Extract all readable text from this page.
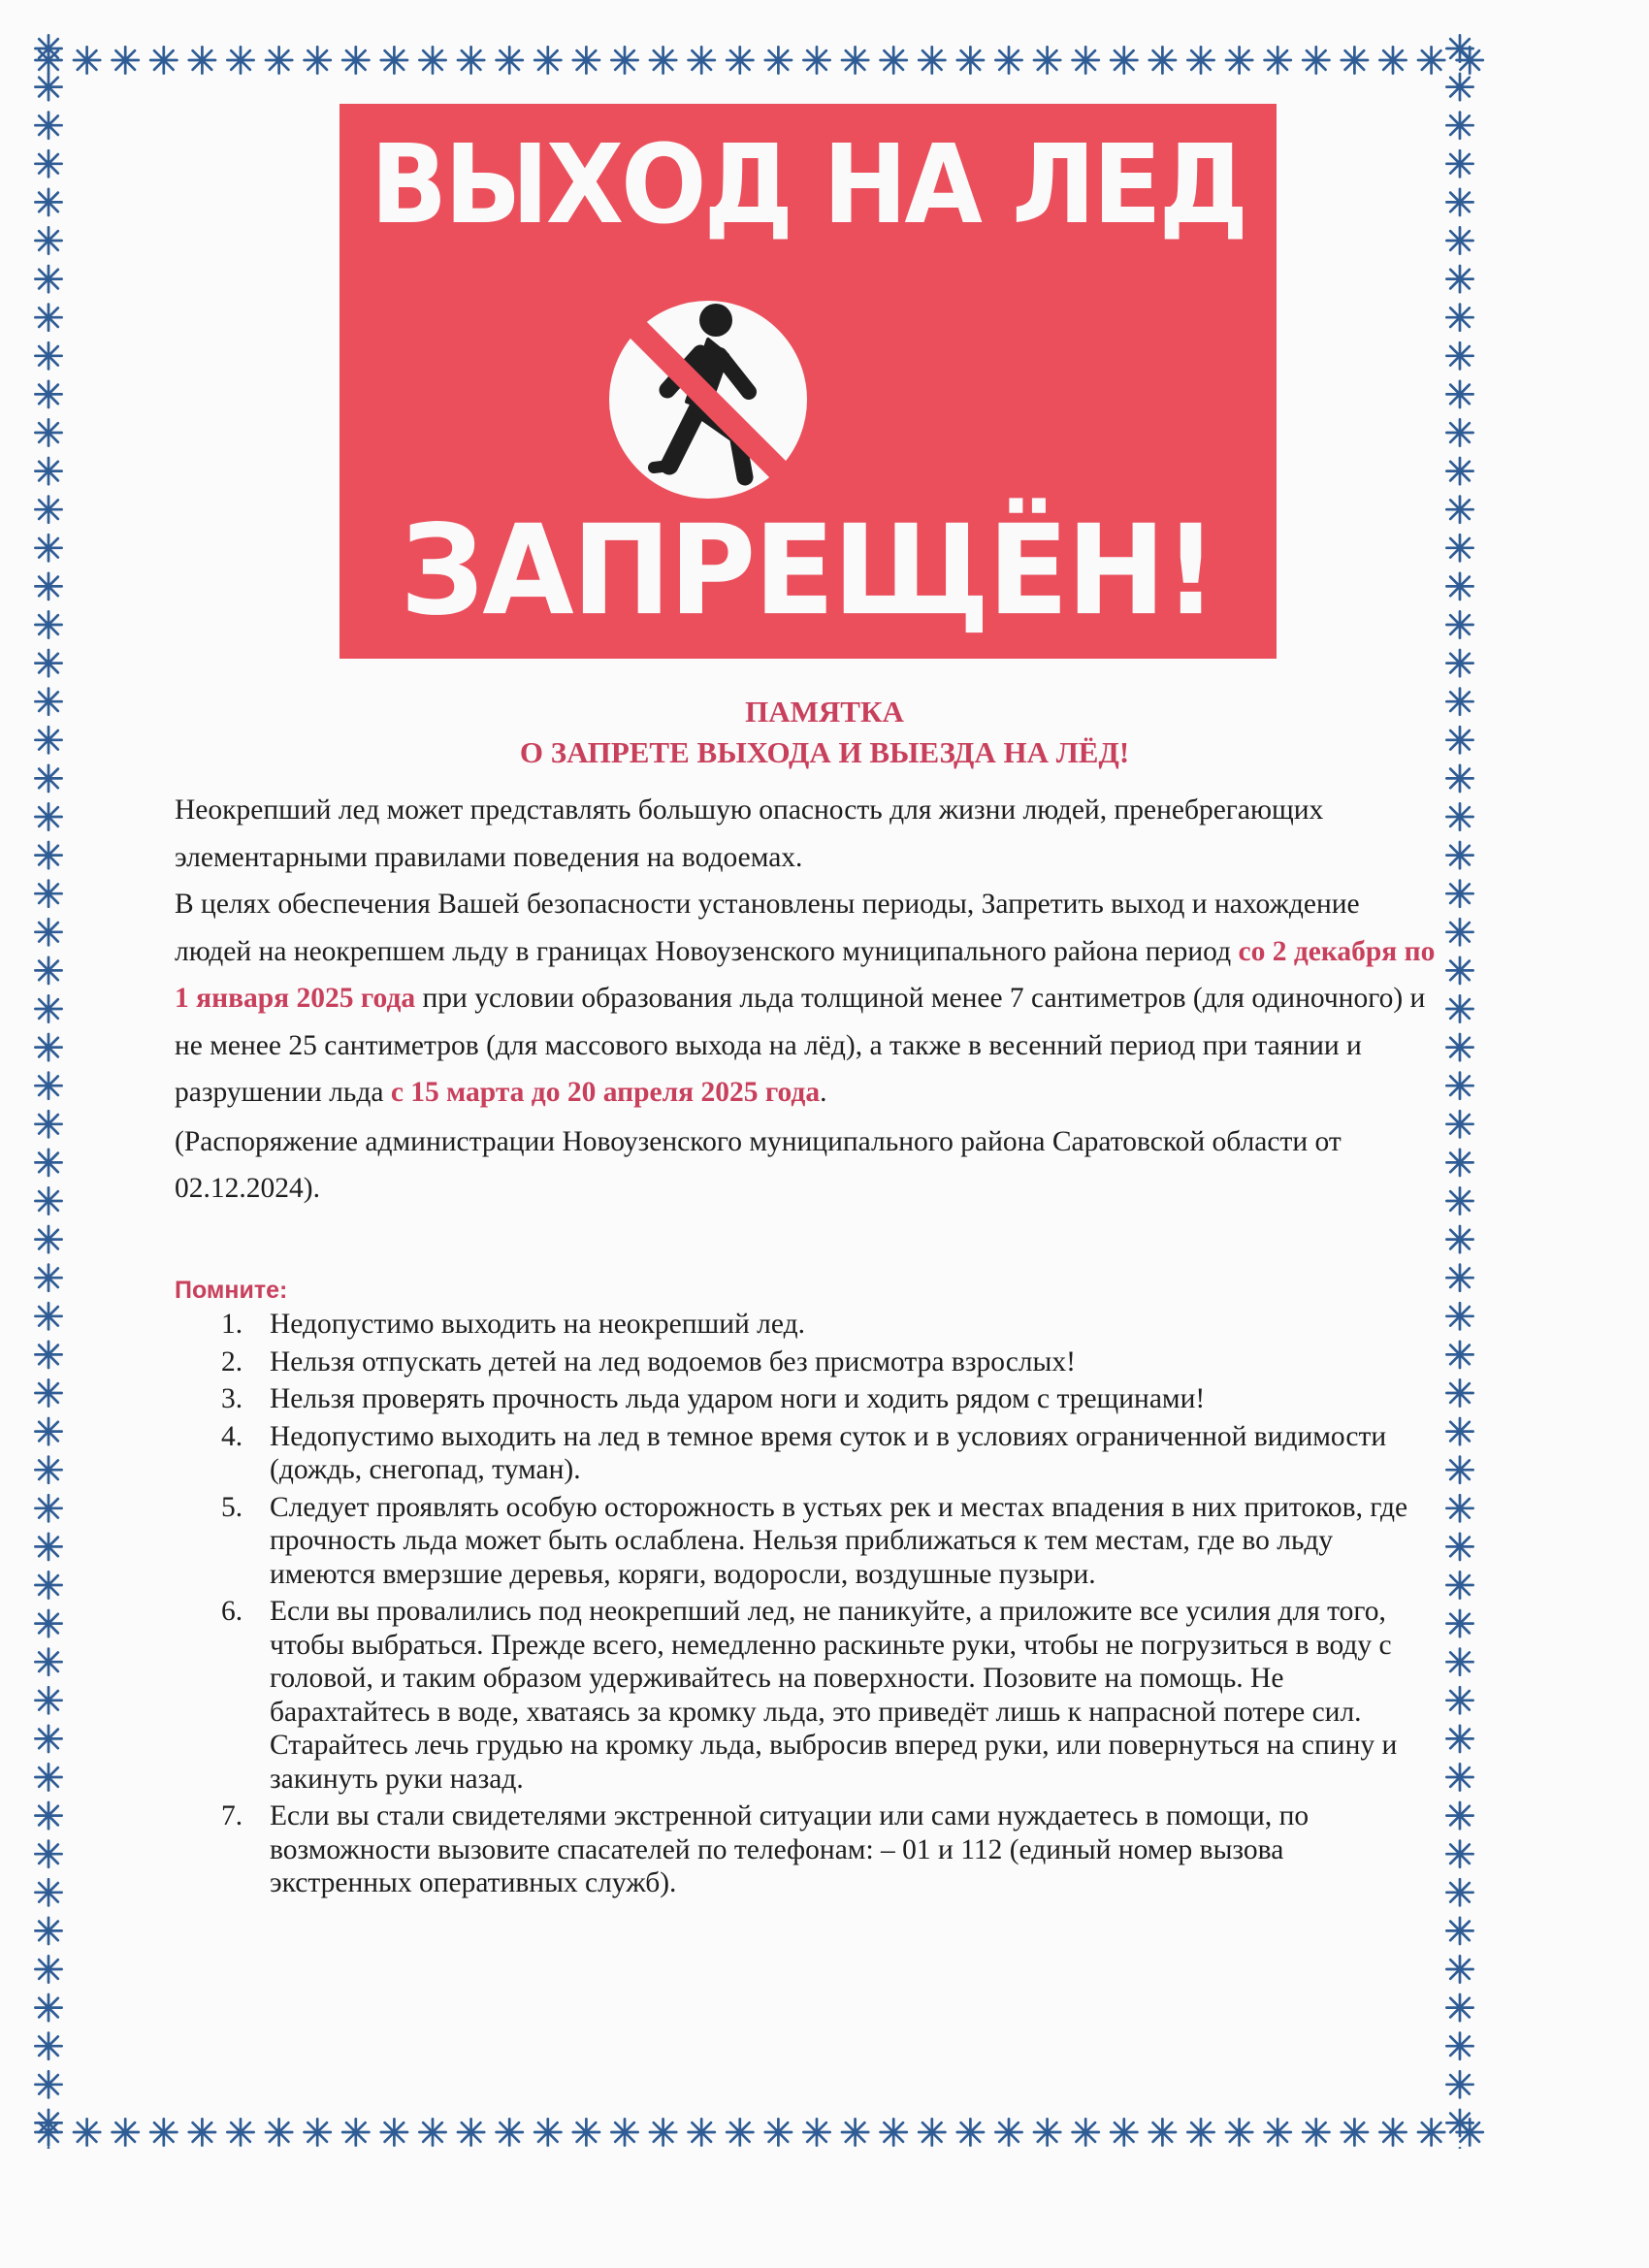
ВЫХОД НА ЛЕД
ЗАПРЕЩЁН!
ПАМЯТКА
О ЗАПРЕТЕ ВЫХОДА И ВЫЕЗДА НА ЛЁД!

Неокрепший лед может представлять большую опасность для жизни людей, пренебрегающих элементарными правилами поведения на водоемах.

В целях обеспечения Вашей безопасности установлены периоды, Запретить выход и нахождение людей на неокрепшем льду в границах Новоузенского муниципального района период со 2 декабря по 1 января 2025 года при условии образования льда толщиной менее 7 сантиметров (для одиночного) и не менее 25 сантиметров (для массового выхода на лёд), а также в весенний период при таянии и разрушении льда с 15 марта до 20 апреля 2025 года.

(Распоряжение администрации Новоузенского муниципального района Саратовской области от 02.12.2024).

Помните:
1. Недопустимо выходить на неокрепший лед.
2. Нельзя отпускать детей на лед водоемов без присмотра взрослых!
3. Нельзя проверять прочность льда ударом ноги и ходить рядом с трещинами!
4. Недопустимо выходить на лед в темное время суток и в условиях ограниченной видимости (дождь, снегопад, туман).
5. Следует проявлять особую осторожность в устьях рек и местах впадения в них притоков, где прочность льда может быть ослаблена. Нельзя приближаться к тем местам, где во льду имеются вмерзшие деревья, коряги, водоросли, воздушные пузыри.
6. Если вы провалились под неокрепший лед, не паникуйте, а приложите все усилия для того, чтобы выбраться. Прежде всего, немедленно раскиньте руки, чтобы не погрузиться в воду с головой, и таким образом удерживайтесь на поверхности. Позовите на помощь. Не барахтайтесь в воде, хватаясь за кромку льда, это приведёт лишь к напрасной потере сил. Старайтесь лечь грудью на кромку льда, выбросив вперед руки, или повернуться на спину и закинуть руки назад.
7. Если вы стали свидетелями экстренной ситуации или сами нуждаетесь в помощи, по возможности вызовите спасателей по телефонам: – 01 и 112 (единый номер вызова экстренных оперативных служб).
